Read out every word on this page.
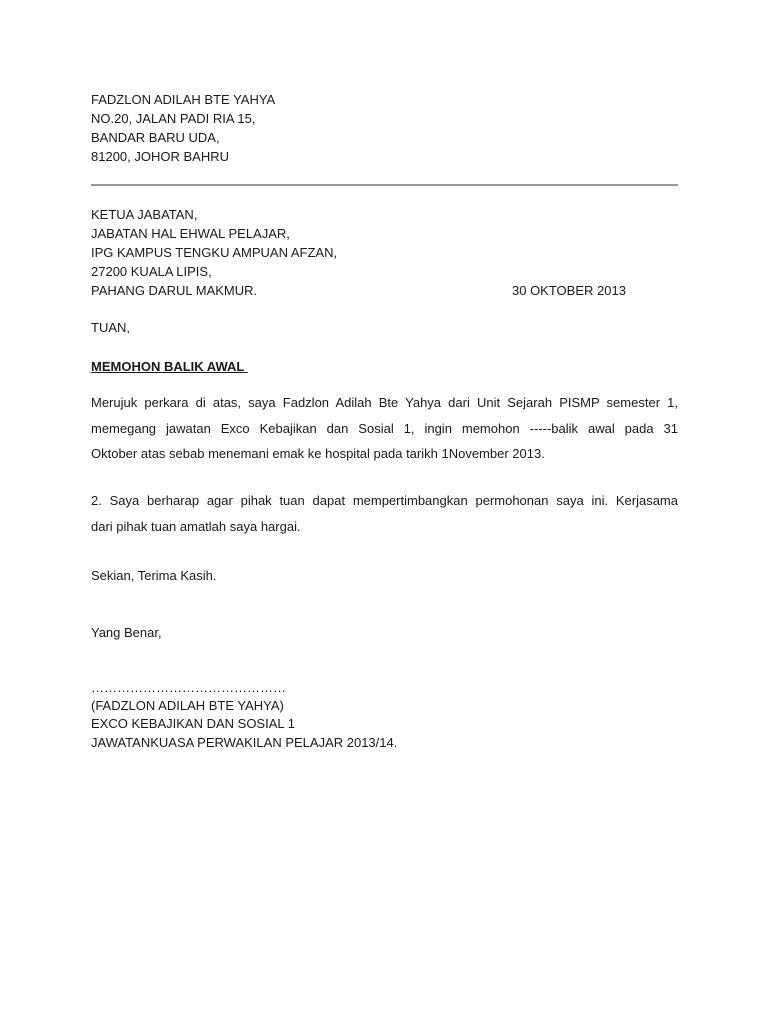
FADZLON ADILAH BTE YAHYA
NO.20, JALAN PADI RIA 15,
BANDAR BARU UDA,
81200, JOHOR BAHRU
KETUA JABATAN,
JABATAN HAL EHWAL PELAJAR,
IPG KAMPUS TENGKU AMPUAN AFZAN,
27200 KUALA LIPIS,
PAHANG DARUL MAKMUR.	30 OKTOBER 2013
TUAN,
MEMOHON BALIK AWAL
Merujuk perkara di atas, saya Fadzlon Adilah Bte Yahya dari Unit Sejarah PISMP semester 1,
memegang jawatan Exco Kebajikan dan Sosial 1, ingin memohon -----balik awal pada 31
Oktober atas sebab menemani emak ke hospital pada tarikh 1November 2013.
2. Saya berharap agar pihak tuan dapat mempertimbangkan permohonan saya ini. Kerjasama
dari pihak tuan amatlah saya hargai.
Sekian, Terima Kasih.
Yang Benar,
………………………………………
(FADZLON ADILAH BTE YAHYA)
EXCO KEBAJIKAN DAN SOSIAL 1
JAWATANKUASA PERWAKILAN PELAJAR 2013/14.
